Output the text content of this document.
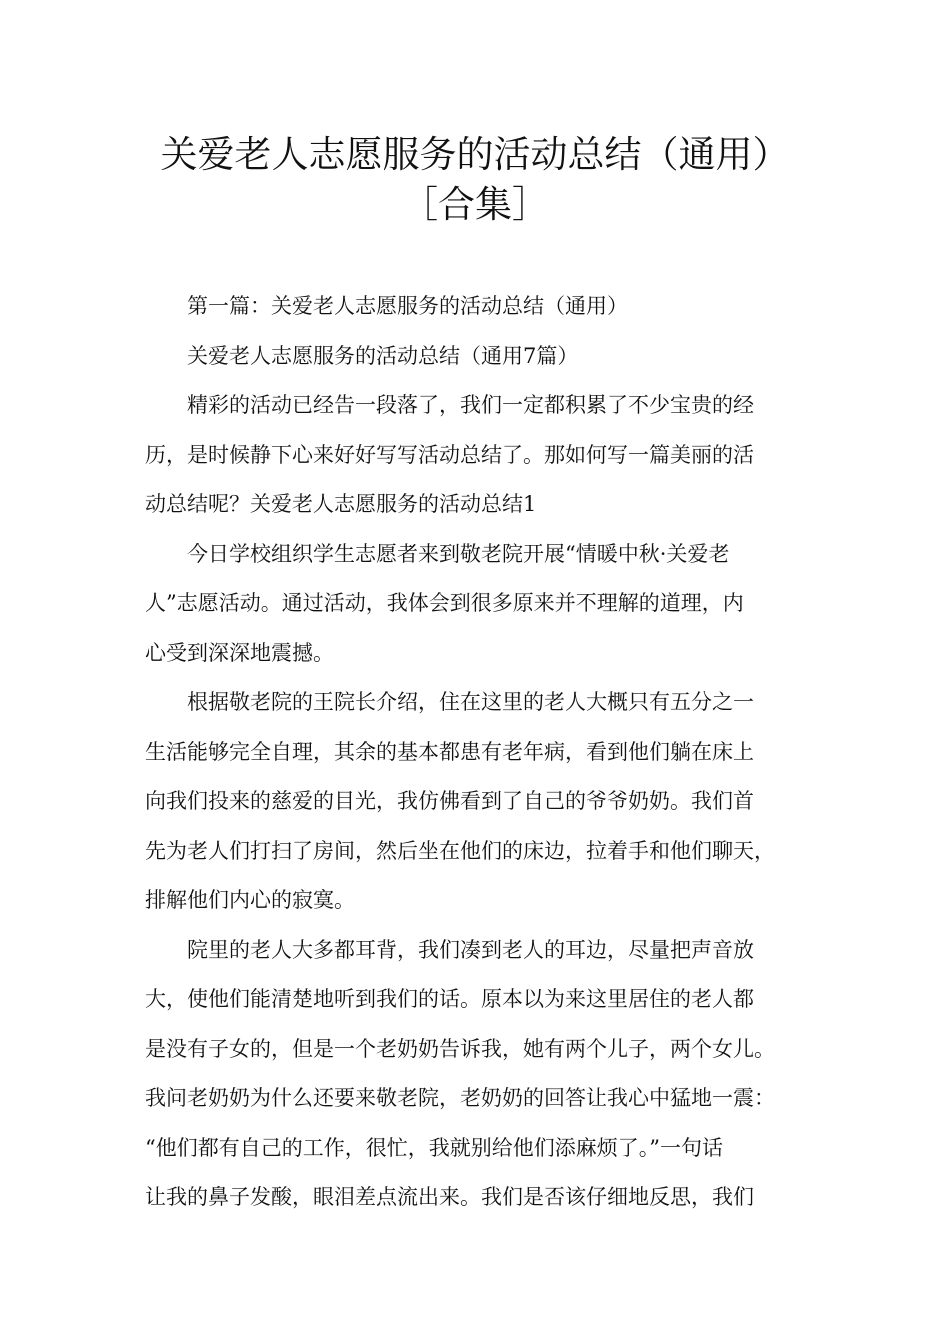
关爱老人志愿服务的活动总结（通用）
［合集］

第一篇：关爱老人志愿服务的活动总结（通用）

关爱老人志愿服务的活动总结（通用7篇）

精彩的活动已经告一段落了，我们一定都积累了不少宝贵的经
历，是时候静下心来好好写写活动总结了。那如何写一篇美丽的活
动总结呢？关爱老人志愿服务的活动总结1

今日学校组织学生志愿者来到敬老院开展“情暖中秋·关爱老
人”志愿活动。通过活动，我体会到很多原来并不理解的道理，内
心受到深深地震撼。

根据敬老院的王院长介绍，住在这里的老人大概只有五分之一
生活能够完全自理，其余的基本都患有老年病，看到他们躺在床上
向我们投来的慈爱的目光，我仿佛看到了自己的爷爷奶奶。我们首
先为老人们打扫了房间，然后坐在他们的床边，拉着手和他们聊天，
排解他们内心的寂寞。

院里的老人大多都耳背，我们凑到老人的耳边，尽量把声音放
大，使他们能清楚地听到我们的话。原本以为来这里居住的老人都
是没有子女的，但是一个老奶奶告诉我，她有两个儿子，两个女儿。
我问老奶奶为什么还要来敬老院，老奶奶的回答让我心中猛地一震：
“他们都有自己的工作，很忙，我就别给他们添麻烦了。”一句话
让我的鼻子发酸，眼泪差点流出来。我们是否该仔细地反思，我们
